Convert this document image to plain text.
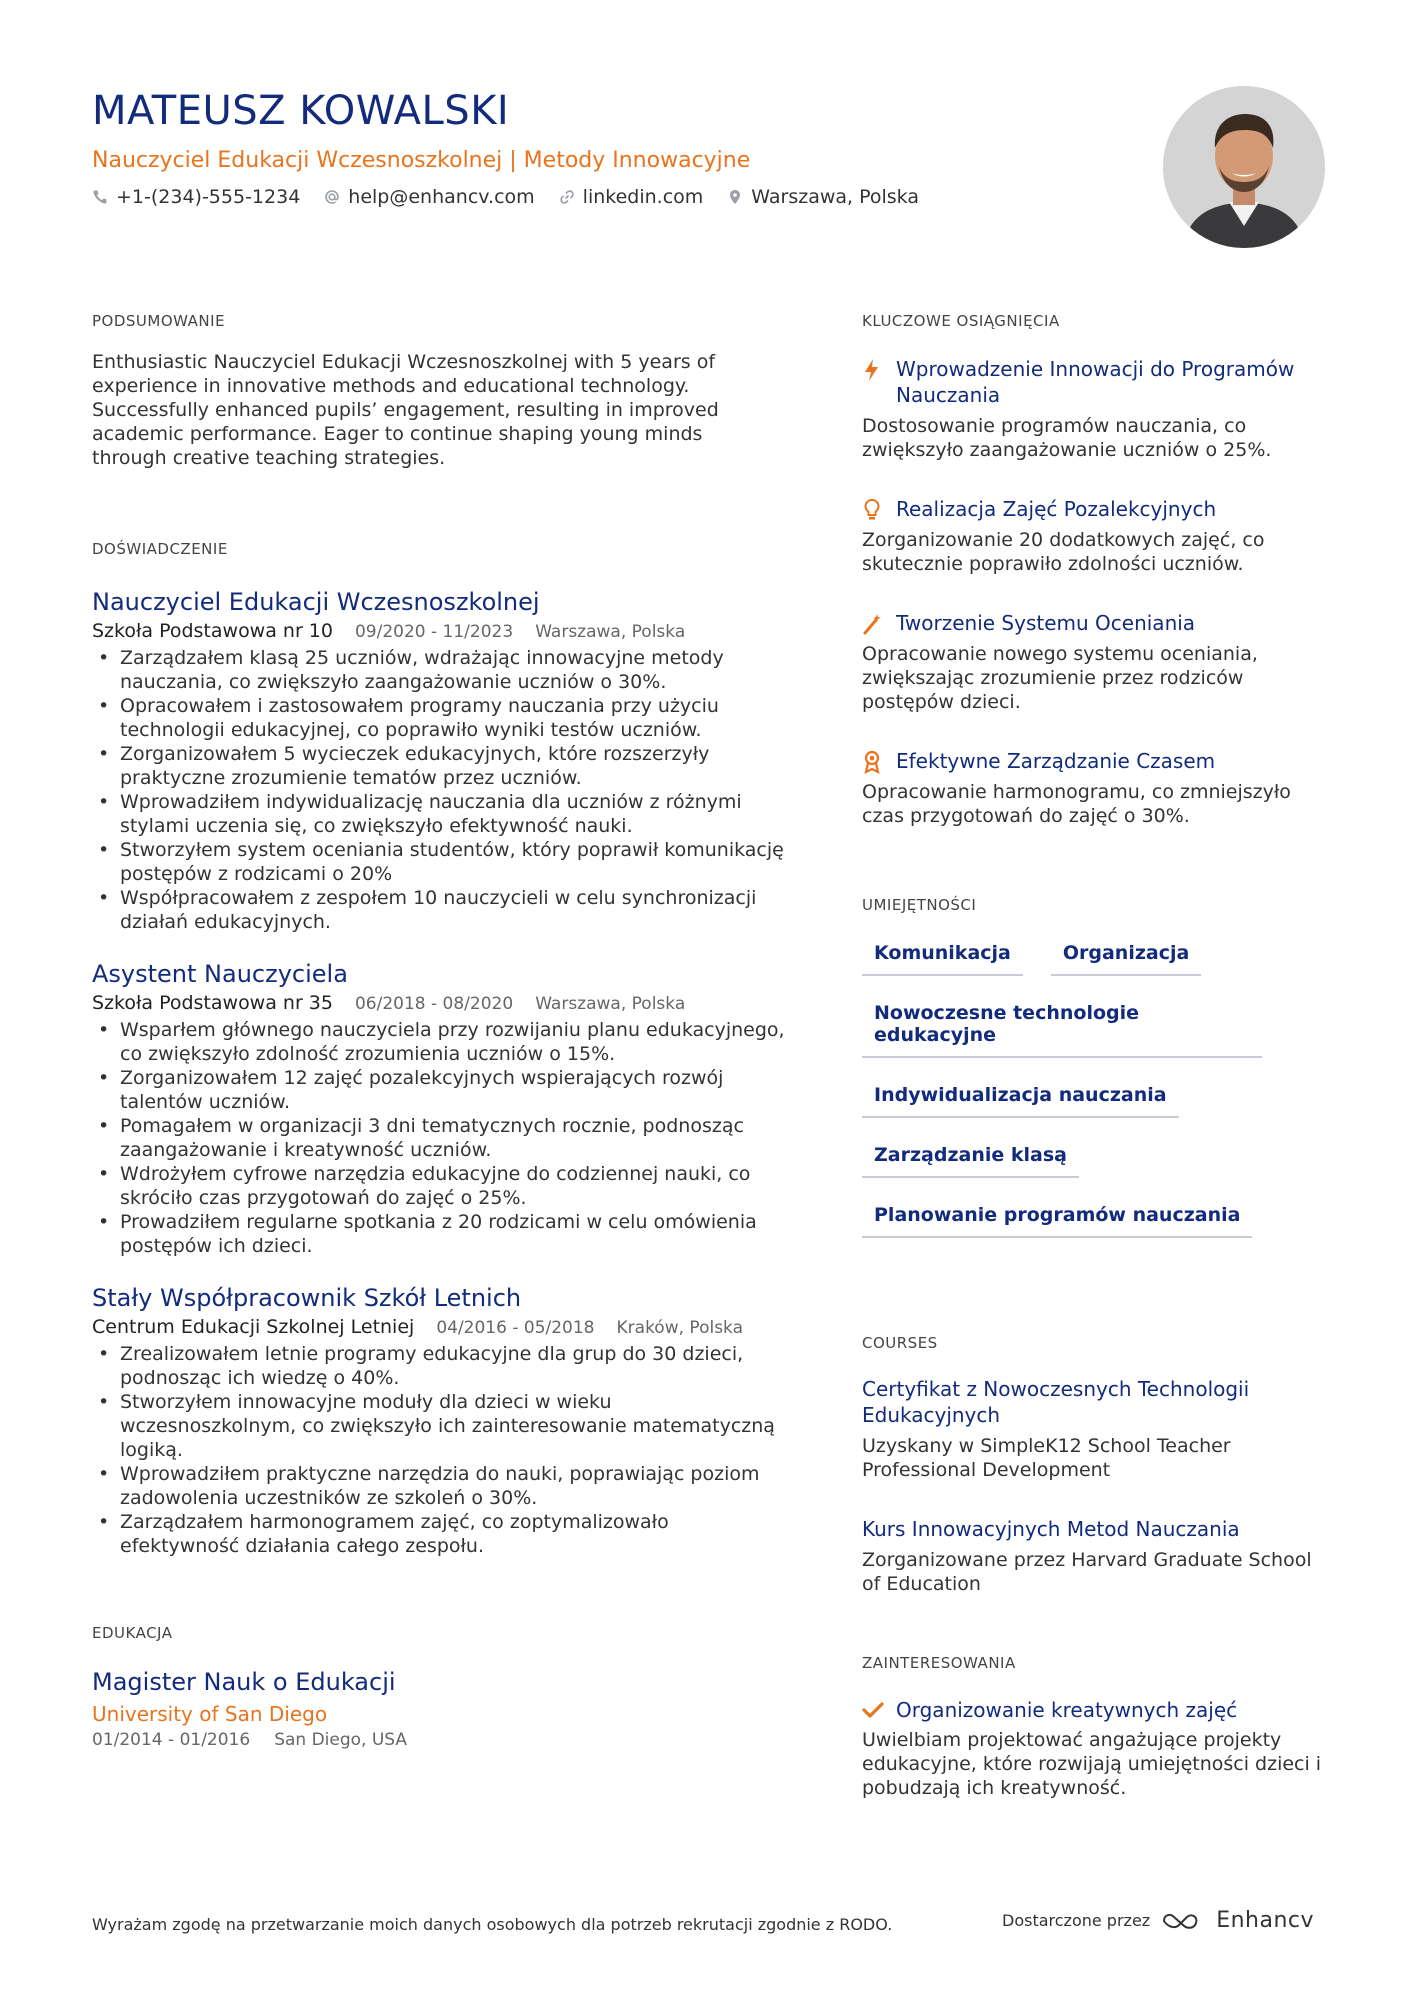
MATEUSZ KOWALSKI
Nauczyciel Edukacji Wczesnoszkolnej | Metody Innowacyjne
+1-(234)-555-1234	help@enhancv.com	linkedin.com	Warszawa, Polska
PODSUMOWANIE

Enthusiastic Nauczyciel Edukacji Wczesnoszkolnej with 5 years of experience in innovative methods and educational technology. Successfully enhanced pupils’ engagement, resulting in improved academic performance. Eager to continue shaping young minds through creative teaching strategies.

DOŚWIADCZENIE
Nauczyciel Edukacji Wczesnoszkolnej
Szkoła Podstawowa nr 10 09/2020 - 11/2023 Warszawa, Polska
• Zarządzałem klasą 25 uczniów, wdrażając innowacyjne metody nauczania, co zwiększyło zaangażowanie uczniów o 30%.
• Opracowałem i zastosowałem programy nauczania przy użyciu technologii edukacyjnej, co poprawiło wyniki testów uczniów.
• Zorganizowałem 5 wycieczek edukacyjnych, które rozszerzyły praktyczne zrozumienie tematów przez uczniów.
• Wprowadziłem indywidualizację nauczania dla uczniów z różnymi stylami uczenia się, co zwiększyło efektywność nauki.
• Stworzyłem system oceniania studentów, który poprawił komunikację postępów z rodzicami o 20%
• Współpracowałem z zespołem 10 nauczycieli w celu synchronizacji działań edukacyjnych.
Asystent Nauczyciela
Szkoła Podstawowa nr 35 06/2018 - 08/2020 Warszawa, Polska
• Wsparłem głównego nauczyciela przy rozwijaniu planu edukacyjnego, co zwiększyło zdolność zrozumienia uczniów o 15%.
• Zorganizowałem 12 zajęć pozalekcyjnych wspierających rozwój talentów uczniów.
• Pomagałem w organizacji 3 dni tematycznych rocznie, podnosząc zaangażowanie i kreatywność uczniów.
• Wdrożyłem cyfrowe narzędzia edukacyjne do codziennej nauki, co skróciło czas przygotowań do zajęć o 25%.
• Prowadziłem regularne spotkania z 20 rodzicami w celu omówienia postępów ich dzieci.
Stały Współpracownik Szkół Letnich
Centrum Edukacji Szkolnej Letniej 04/2016 - 05/2018 Kraków, Polska
• Zrealizowałem letnie programy edukacyjne dla grup do 30 dzieci, podnosząc ich wiedzę o 40%.
• Stworzyłem innowacyjne moduły dla dzieci w wieku wczesnoszkolnym, co zwiększyło ich zainteresowanie matematyczną logiką.
• Wprowadziłem praktyczne narzędzia do nauki, poprawiając poziom zadowolenia uczestników ze szkoleń o 30%.
• Zarządzałem harmonogramem zajęć, co zoptymalizowało efektywność działania całego zespołu.
EDUKACJA
Magister Nauk o Edukacji
University of San Diego
01/2014 - 01/2016 San Diego, USA
KLUCZOWE OSIĄGNIĘCIA
Wprowadzenie Innowacji do Programów Nauczania
Dostosowanie programów nauczania, co zwiększyło zaangażowanie uczniów o 25%.
Realizacja Zajęć Pozalekcyjnych
Zorganizowanie 20 dodatkowych zajęć, co skutecznie poprawiło zdolności uczniów.
Tworzenie Systemu Oceniania
Opracowanie nowego systemu oceniania, zwiększając zrozumienie przez rodziców postępów dzieci.
Efektywne Zarządzanie Czasem
Opracowanie harmonogramu, co zmniejszyło czas przygotowań do zajęć o 30%.
UMIEJĘTNOŚCI
Komunikacja	Organizacja
Nowoczesne technologie edukacyjne
Indywidualizacja nauczania
Zarządzanie klasą
Planowanie programów nauczania
COURSES
Certyfikat z Nowoczesnych Technologii Edukacyjnych
Uzyskany w SimpleK12 School Teacher Professional Development
Kurs Innowacyjnych Metod Nauczania
Zorganizowane przez Harvard Graduate School of Education
ZAINTERESOWANIA
Organizowanie kreatywnych zajęć
Uwielbiam projektować angażujące projekty edukacyjne, które rozwijają umiejętności dzieci i pobudzają ich kreatywność.
Wyrażam zgodę na przetwarzanie moich danych osobowych dla potrzeb rekrutacji zgodnie z RODO.	Dostarczone przez	Enhancv
